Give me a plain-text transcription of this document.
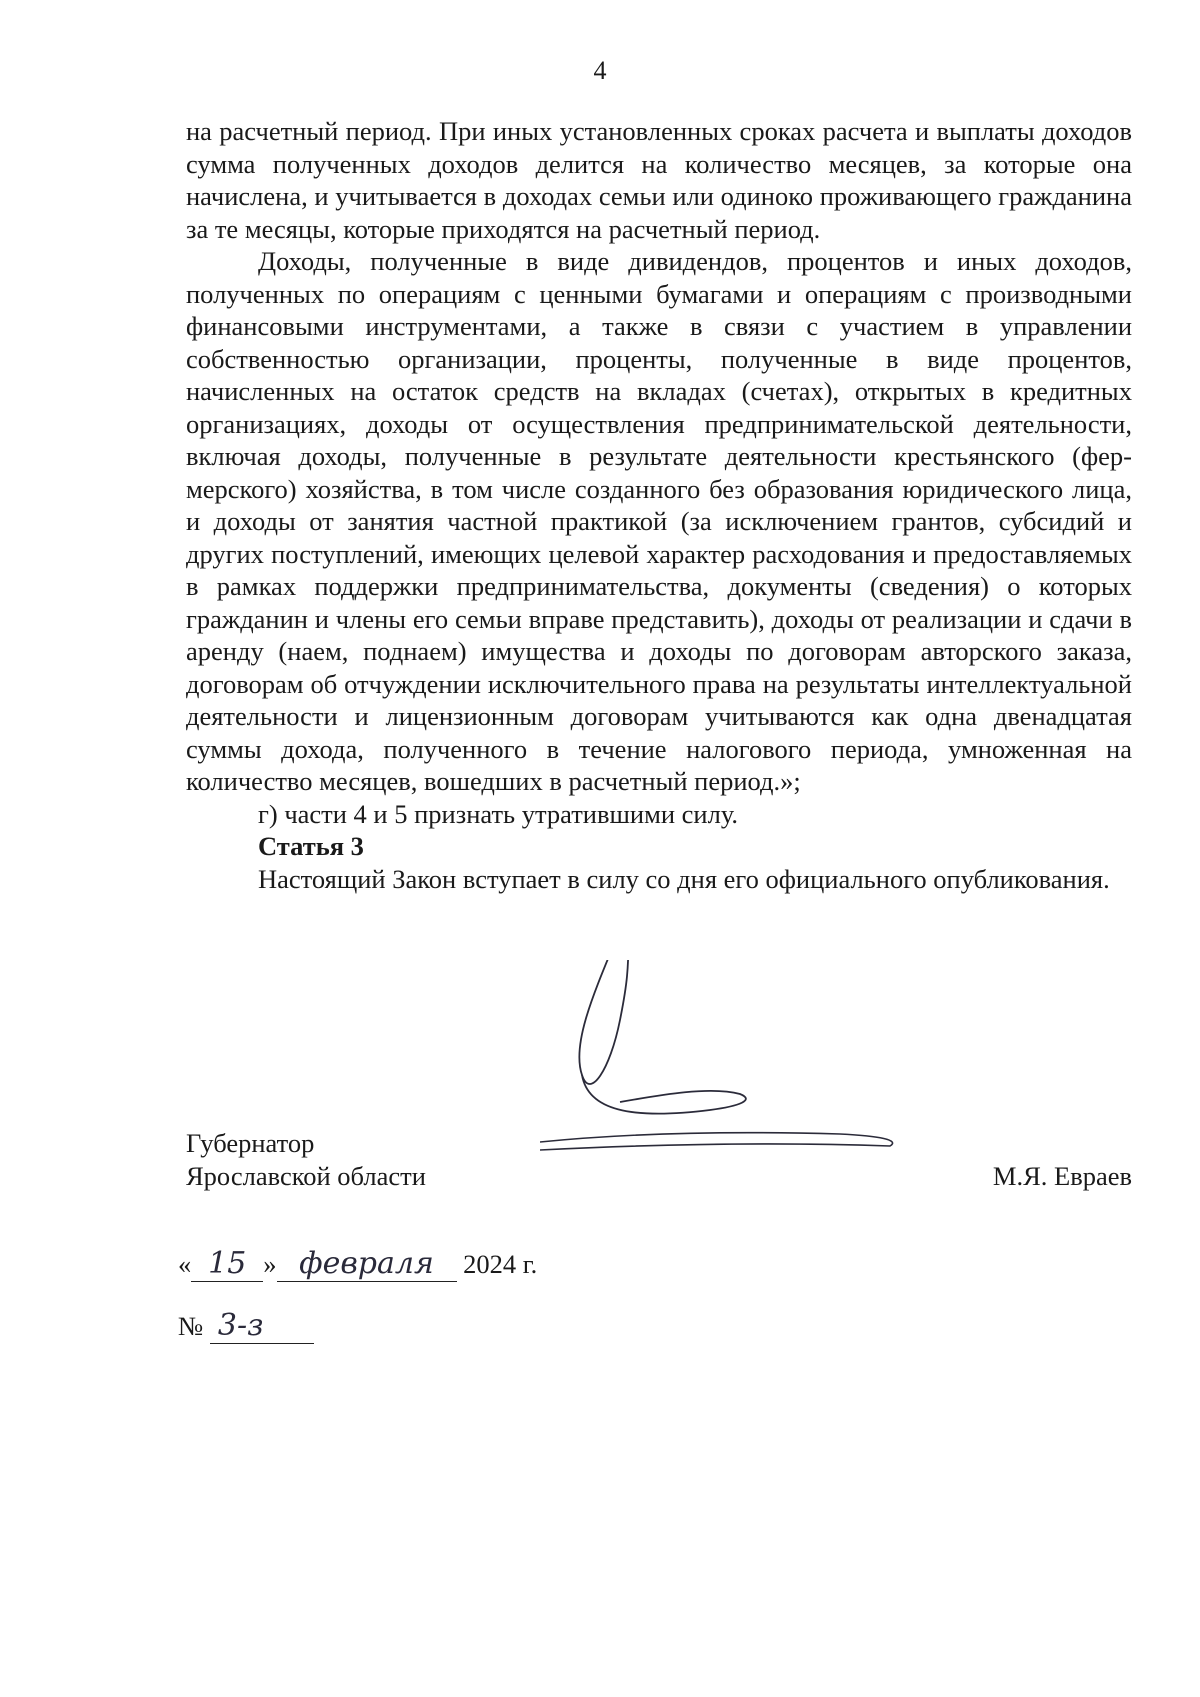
4

на расчетный период. При иных установленных сроках расчета и выплаты доходов сумма полученных доходов делится на количество месяцев, за которые она начислена, и учитывается в доходах семьи или одиноко проживающего гражданина за те месяцы, которые приходятся на расчетный период.

Доходы, полученные в виде дивидендов, процентов и иных доходов, полученных по операциям с ценными бумагами и операциям с производными финансовыми инструментами, а также в связи с участием в управлении собственностью организации, проценты, полученные в виде процентов, начисленных на остаток средств на вкладах (счетах), открытых в кредитных организациях, доходы от осуществления предпринимательской деятельности, включая доходы, полученные в результате деятельности крестьянского (фермерского) хозяйства, в том числе созданного без образования юридического лица, и доходы от занятия частной практикой (за исключением грантов, субсидий и других поступлений, имеющих целевой характер расходования и предоставляемых в рамках поддержки предпринимательства, документы (сведения) о которых гражданин и члены его семьи вправе представить), доходы от реализации и сдачи в аренду (наем, поднаем) имущества и доходы по договорам авторского заказа, договорам об отчуждении исключительного права на результаты интеллектуальной деятельности и лицензионным договорам учитываются как одна двенадцатая суммы дохода, полученного в течение налогового периода, умноженная на количество месяцев, вошедших в расчетный период.»;

г) части 4 и 5 признать утратившими силу.

Статья 3

Настоящий Закон вступает в силу со дня его официального опубликования.

Губернатор
Ярославской области	М.Я. Евраев
« 15 » февраля 2024 г.
№ 3-з
